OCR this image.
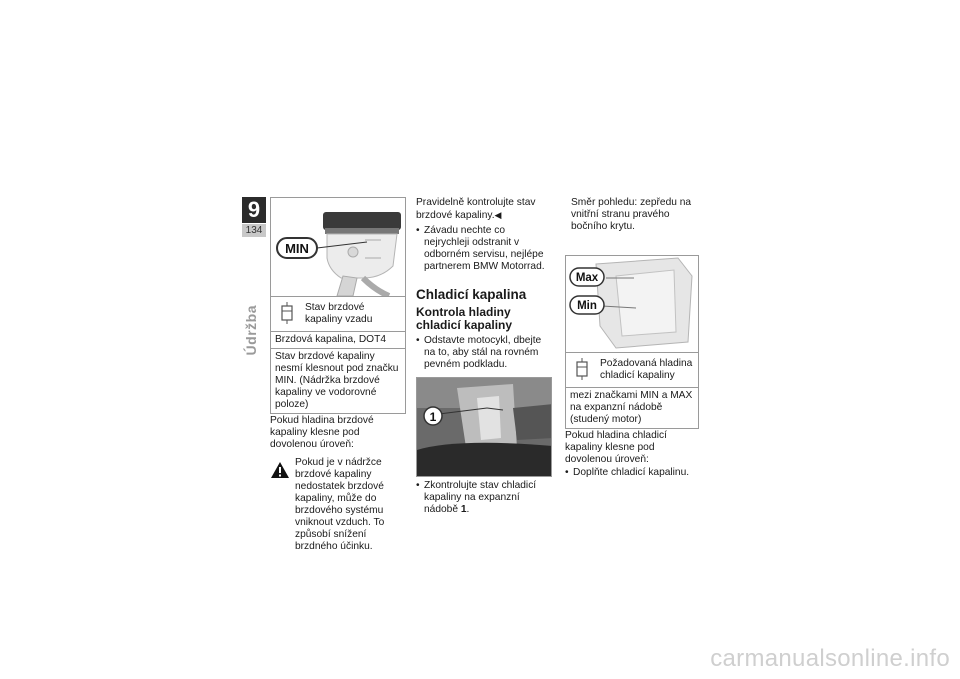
9
134
Údržba
MIN
Stav brzdové kapaliny vzadu
Brzdová kapalina, DOT4
Stav brzdové kapaliny nesmí klesnout pod značku MIN. (Nádržka brzdové kapaliny ve vodorovné poloze)

Pokud hladina brzdové kapaliny klesne pod dovolenou úroveň:

Pokud je v nádržce brzdové kapaliny nedostatek brzdové kapaliny, může do brzdového systému vniknout vzduch. To způsobí snížení brzdného účinku.

Pravidelně kontrolujte stav brzdové kapaliny.◀

• Závadu nechte co nejrychleji odstranit v odborném servisu, nejlépe partnerem BMW Motorrad.
Chladicí kapalina
Kontrola hladiny chladicí kapaliny
• Odstavte motocykl, dbejte na to, aby stál na rovném pevném podkladu.
1
• Zkontrolujte stav chladicí kapaliny na expanzní nádobě 1.

Směr pohledu: zepředu na vnitřní stranu pravého bočního krytu.

Max
Min
Požadovaná hladina chladicí kapaliny
mezi značkami MIN a MAX na expanzní nádobě (studený motor)

Pokud hladina chladicí kapaliny klesne pod dovolenou úroveň:

• Doplňte chladicí kapalinu.
carmanualsonline.info
